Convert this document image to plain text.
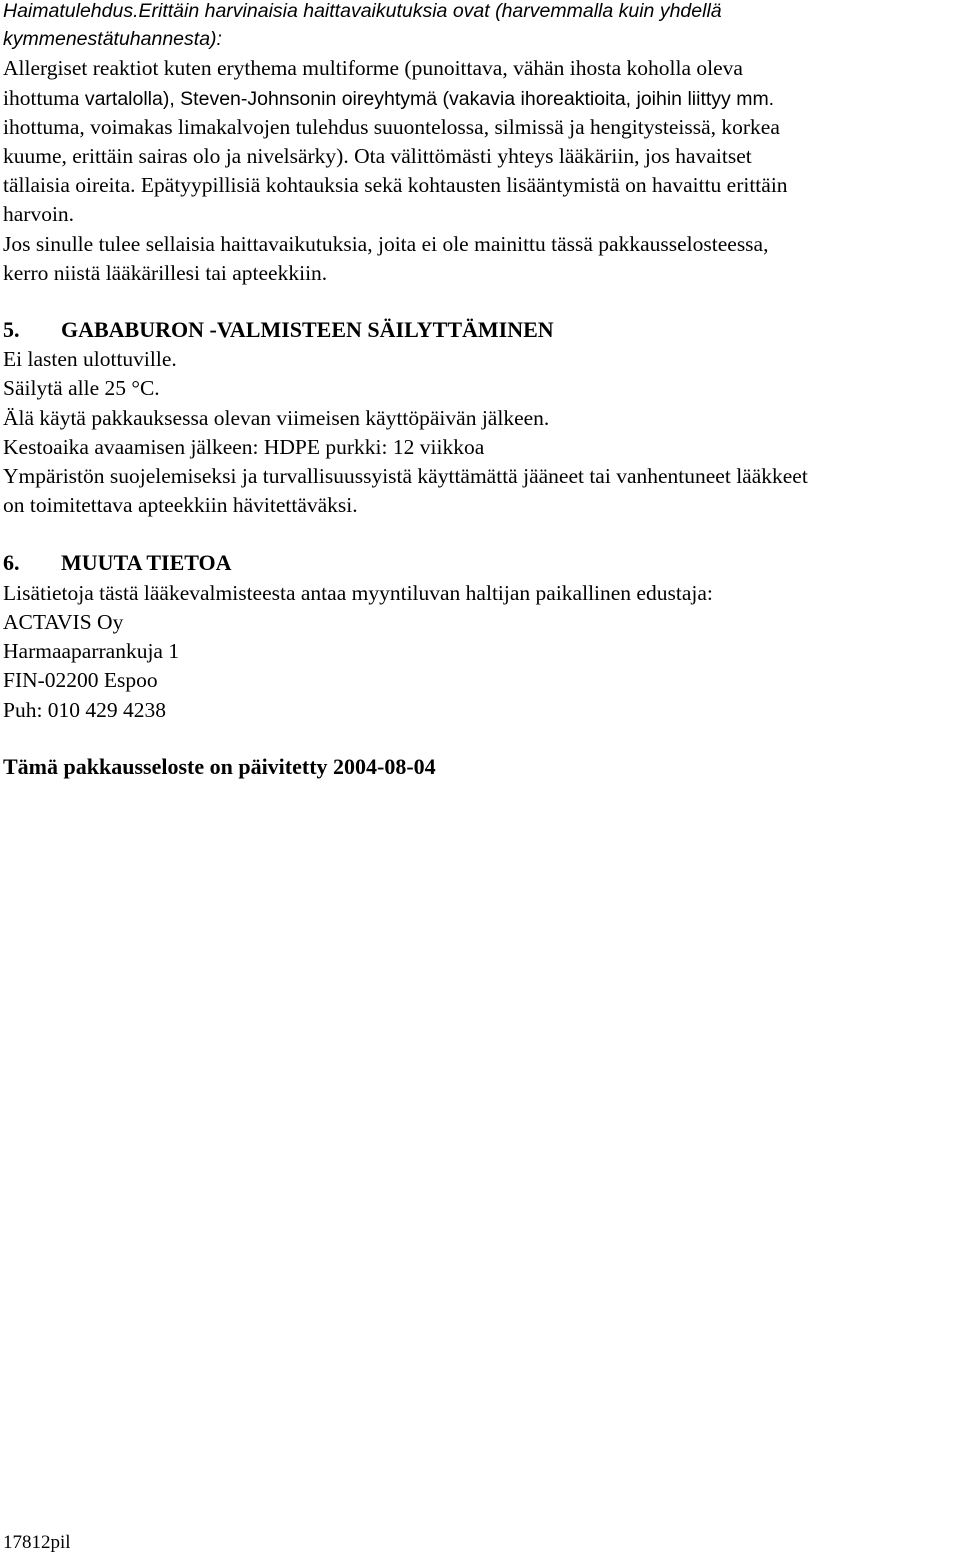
Haimatulehdus.Erittäin harvinaisia haittavaikutuksia ovat (harvemmalla kuin yhdellä
kymmenestätuhannesta):
Allergiset reaktiot kuten erythema multiforme (punoittava, vähän ihosta koholla oleva
ihottuma vartalolla), Steven-Johnsonin oireyhtymä (vakavia ihoreaktioita, joihin liittyy mm.
ihottuma, voimakas limakalvojen tulehdus suuontelossa, silmissä ja hengitysteissä, korkea
kuume, erittäin sairas olo ja nivelsärky). Ota välittömästi yhteys lääkäriin, jos havaitset
tällaisia oireita. Epätyypillisiä kohtauksia sekä kohtausten lisääntymistä on havaittu erittäin
harvoin.
Jos sinulle tulee sellaisia haittavaikutuksia, joita ei ole mainittu tässä pakkausselosteessa,
kerro niistä lääkärillesi tai apteekkiin.
5. GABABURON -VALMISTEEN SÄILYTTÄMINEN
Ei lasten ulottuville.
Säilytä alle 25 °C.
Älä käytä pakkauksessa olevan viimeisen käyttöpäivän jälkeen.
Kestoaika avaamisen jälkeen: HDPE purkki: 12 viikkoa
Ympäristön suojelemiseksi ja turvallisuussyistä käyttämättä jääneet tai vanhentuneet lääkkeet
on toimitettava apteekkiin hävitettäväksi.
6. MUUTA TIETOA
Lisätietoja tästä lääkevalmisteesta antaa myyntiluvan haltijan paikallinen edustaja:
ACTAVIS Oy
Harmaaparrankuja 1
FIN-02200 Espoo
Puh: 010 429 4238
Tämä pakkausseloste on päivitetty 2004-08-04
17812pil
